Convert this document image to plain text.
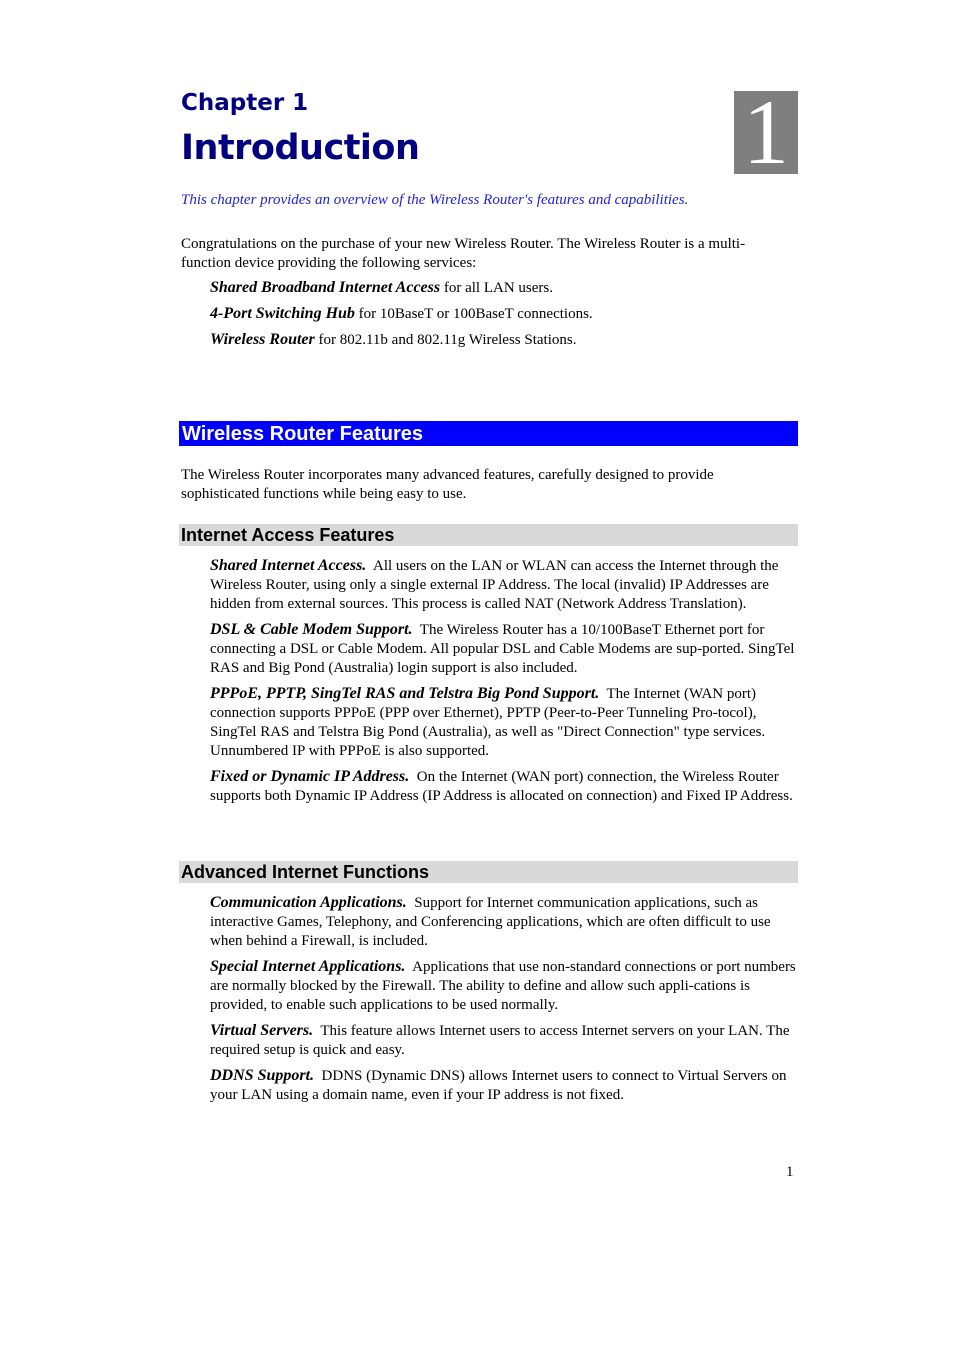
Chapter 1
Introduction	1

This chapter provides an overview of the Wireless Router's features and capabilities.

Congratulations on the purchase of your new Wireless Router. The Wireless Router is a multi-
function device providing the following services:

Shared Broadband Internet Access for all LAN users.

4-Port Switching Hub for 10BaseT or 100BaseT connections.

Wireless Router for 802.11b and 802.11g Wireless Stations.

Wireless Router Features

The Wireless Router incorporates many advanced features, carefully designed to provide
sophisticated functions while being easy to use.

Internet Access Features

Shared Internet Access. All users on the LAN or WLAN can access the Internet through the Wireless Router, using only a single external IP Address. The local (invalid) IP Addresses are hidden from external sources. This process is called NAT (Network Address Translation).

DSL & Cable Modem Support. The Wireless Router has a 10/100BaseT Ethernet port for connecting a DSL or Cable Modem. All popular DSL and Cable Modems are sup-ported. SingTel RAS and Big Pond (Australia) login support is also included.

PPPoE, PPTP, SingTel RAS and Telstra Big Pond Support. The Internet (WAN port) connection supports PPPoE (PPP over Ethernet), PPTP (Peer-to-Peer Tunneling Pro-tocol), SingTel RAS and Telstra Big Pond (Australia), as well as "Direct Connection" type services. Unnumbered IP with PPPoE is also supported.

Fixed or Dynamic IP Address. On the Internet (WAN port) connection, the Wireless Router supports both Dynamic IP Address (IP Address is allocated on connection) and Fixed IP Address.

Advanced Internet Functions

Communication Applications. Support for Internet communication applications, such as interactive Games, Telephony, and Conferencing applications, which are often difficult to use when behind a Firewall, is included.

Special Internet Applications. Applications that use non-standard connections or port numbers are normally blocked by the Firewall. The ability to define and allow such appli-cations is provided, to enable such applications to be used normally.

Virtual Servers. This feature allows Internet users to access Internet servers on your LAN. The required setup is quick and easy.

DDNS Support. DDNS (Dynamic DNS) allows Internet users to connect to Virtual Servers on your LAN using a domain name, even if your IP address is not fixed.

1
